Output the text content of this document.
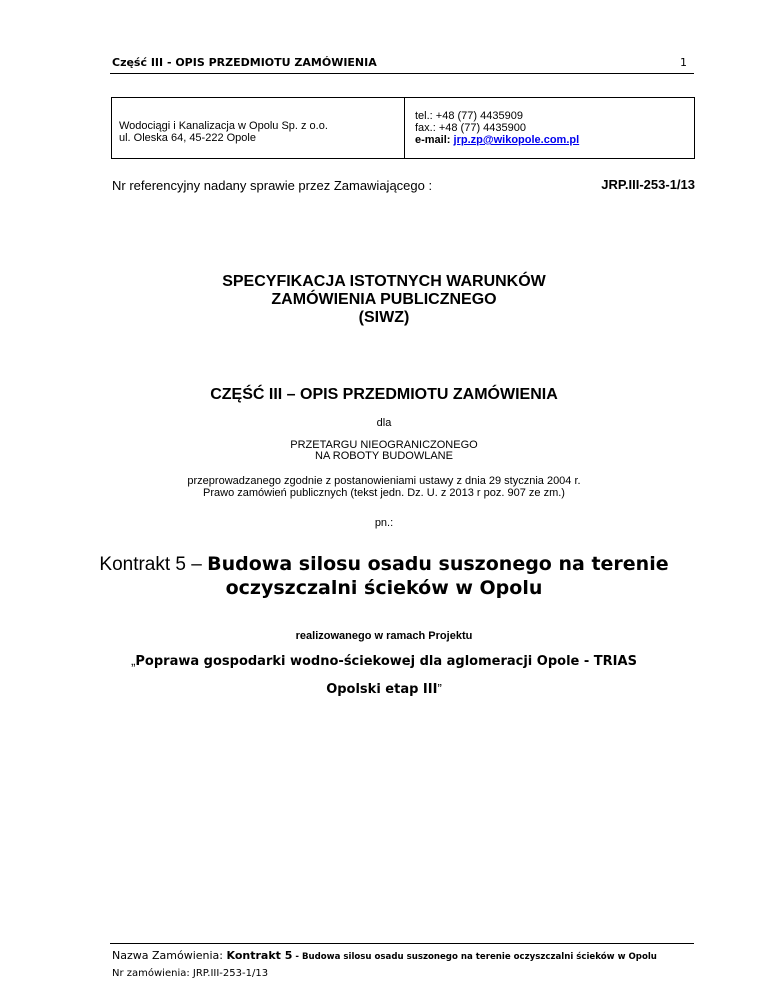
Część III - OPIS PRZEDMIOTU ZAMÓWIENIA	1
Wodociągi i Kanalizacja w Opolu Sp. z o.o.
ul. Oleska 64, 45-222 Opole
tel.: +48 (77) 4435909
fax.: +48 (77) 4435900
e-mail: jrp.zp@wikopole.com.pl
Nr referencyjny nadany sprawie przez Zamawiającego :	JRP.III-253-1/13
SPECYFIKACJA ISTOTNYCH WARUNKÓW
ZAMÓWIENIA PUBLICZNEGO
(SIWZ)
CZĘŚĆ III – OPIS PRZEDMIOTU ZAMÓWIENIA
dla
PRZETARGU NIEOGRANICZONEGO
NA ROBOTY BUDOWLANE
przeprowadzanego zgodnie z postanowieniami ustawy z dnia 29 stycznia 2004 r.
Prawo zamówień publicznych (tekst jedn. Dz. U. z 2013 r poz. 907 ze zm.)
pn.:
Kontrakt 5 – Budowa silosu osadu suszonego na terenie
oczyszczalni ścieków w Opolu
realizowanego w ramach Projektu
„Poprawa gospodarki wodno-ściekowej dla aglomeracji Opole - TRIAS
Opolski etap III”
Nazwa Zamówienia: Kontrakt 5 - Budowa silosu osadu suszonego na terenie oczyszczalni ścieków w Opolu
Nr zamówienia: JRP.III-253-1/13
